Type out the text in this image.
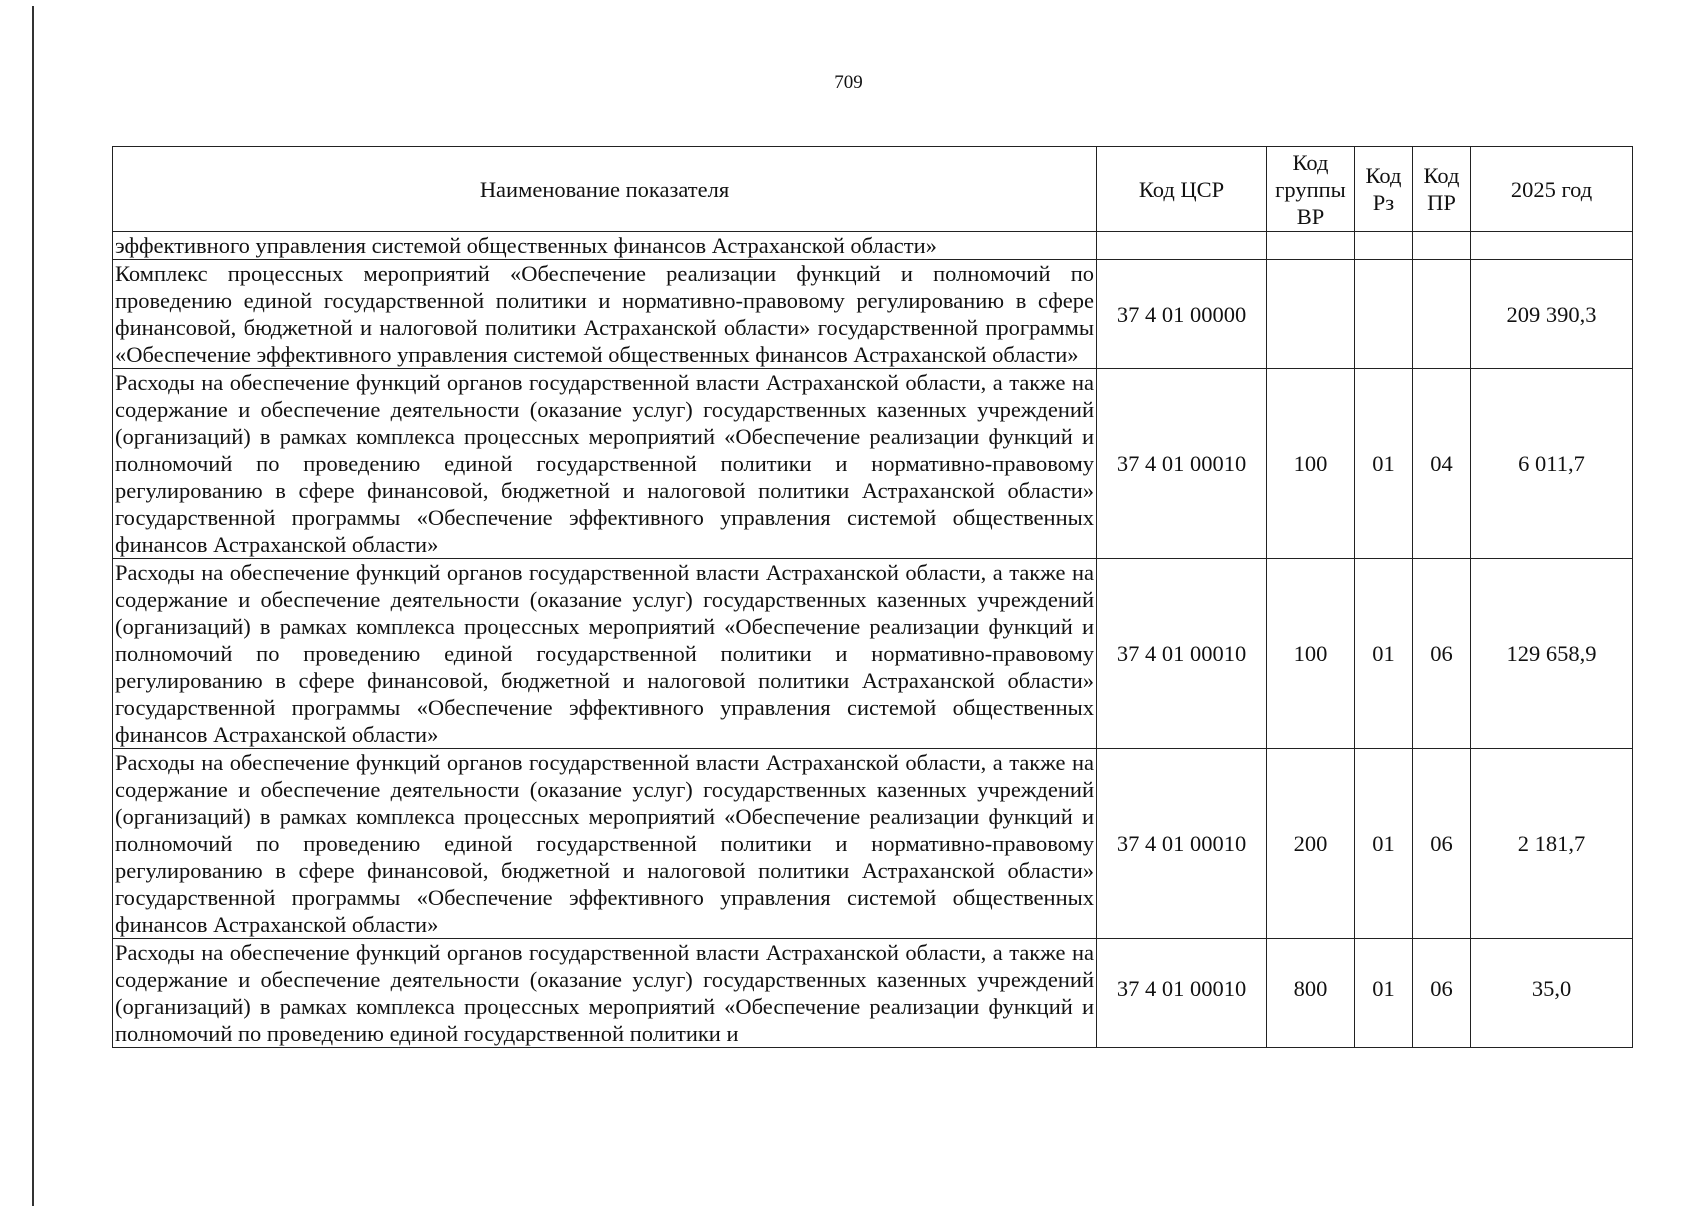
709
Наименование показателя	Код ЦСР	Код группы ВР	Код Рз	Код ПР	2025 год
эффективного управления системой общественных финансов Астраханской области»					
Комплекс процессных мероприятий «Обеспечение реализации функций и полномочий по проведению единой государственной политики и нормативно-правовому регулированию в сфере финансовой, бюджетной и налоговой политики Астраханской области» государственной программы «Обеспечение эффективного управления системой общественных финансов Астраханской области»	37 4 01 00000				209 390,3
Расходы на обеспечение функций органов государственной власти Астраханской области, а также на содержание и обеспечение деятельности (оказание услуг) государственных казенных учреждений (организаций) в рамках комплекса процессных мероприятий «Обеспечение реализации функций и полномочий по проведению единой государственной политики и нормативно-правовому регулированию в сфере финансовой, бюджетной и налоговой политики Астраханской области» государственной программы «Обеспечение эффективного управления системой общественных финансов Астраханской области»	37 4 01 00010	100	01	04	6 011,7
Расходы на обеспечение функций органов государственной власти Астраханской области, а также на содержание и обеспечение деятельности (оказание услуг) государственных казенных учреждений (организаций) в рамках комплекса процессных мероприятий «Обеспечение реализации функций и полномочий по проведению единой государственной политики и нормативно-правовому регулированию в сфере финансовой, бюджетной и налоговой политики Астраханской области» государственной программы «Обеспечение эффективного управления системой общественных финансов Астраханской области»	37 4 01 00010	100	01	06	129 658,9
Расходы на обеспечение функций органов государственной власти Астраханской области, а также на содержание и обеспечение деятельности (оказание услуг) государственных казенных учреждений (организаций) в рамках комплекса процессных мероприятий «Обеспечение реализации функций и полномочий по проведению единой государственной политики и нормативно-правовому регулированию в сфере финансовой, бюджетной и налоговой политики Астраханской области» государственной программы «Обеспечение эффективного управления системой общественных финансов Астраханской области»	37 4 01 00010	200	01	06	2 181,7
Расходы на обеспечение функций органов государственной власти Астраханской области, а также на содержание и обеспечение деятельности (оказание услуг) государственных казенных учреждений (организаций) в рамках комплекса процессных мероприятий «Обеспечение реализации функций и полномочий по проведению единой государственной политики и	37 4 01 00010	800	01	06	35,0
